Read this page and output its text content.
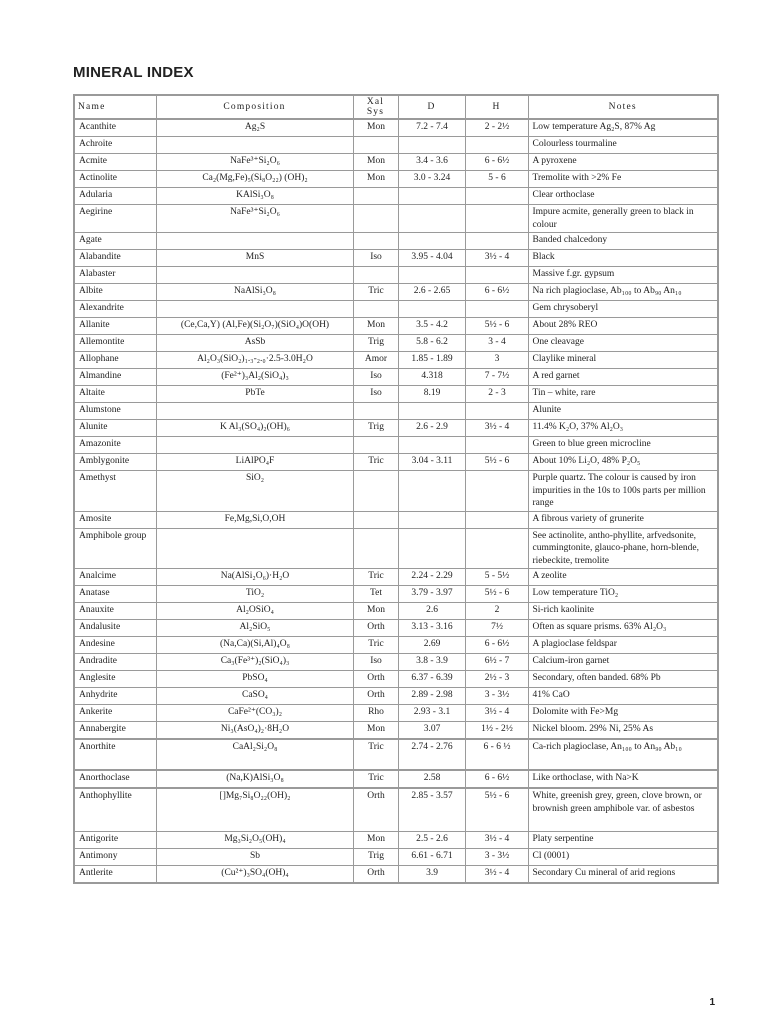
MINERAL INDEX
Name	Composition	Xal Sys	D	H	Notes
Acanthite	Ag₂S	Mon	7.2 - 7.4	2 - 2½	Low temperature Ag₂S, 87% Ag
Achroite					Colourless tourmaline
Acmite	NaFe³⁺Si₂O₆	Mon	3.4 - 3.6	6 - 6½	A pyroxene
Actinolite	Ca₂(Mg,Fe)₅(Si₈O₂₂) (OH)₂	Mon	3.0 - 3.24	5 - 6	Tremolite with >2% Fe
Adularia	KAlSi₃O₈				Clear orthoclase
Aegirine	NaFe³⁺Si₂O₆				Impure acmite, generally green to black in colour
Agate					Banded chalcedony
Alabandite	MnS	Iso	3.95 - 4.04	3½ - 4	Black
Alabaster					Massive f.gr. gypsum
Albite	NaAlSi₃O₈	Tric	2.6 - 2.65	6 - 6½	Na rich plagioclase, Ab₁₀₀ to Ab₉₀ An₁₀
Alexandrite					Gem chrysoberyl
Allanite	(Ce,Ca,Y) (Al,Fe)(Si₂O₇)(SiO₄)O(OH)	Mon	3.5 - 4.2	5½ - 6	About 28% REO
Allemontite	AsSb	Trig	5.8 - 6.2	3 - 4	One cleavage
Allophane	Al₂O₃(SiO₂)₁.₃-₂.₀·2.5-3.0H₂O	Amor	1.85 - 1.89	3	Claylike mineral
Almandine	(Fe²⁺)₃Al₂(SiO₄)₃	Iso	4.318	7 - 7½	A red garnet
Altaite	PbTe	Iso	8.19	2 - 3	Tin – white, rare
Alumstone					Alunite
Alunite	K Al₃(SO₄)₂(OH)₆	Trig	2.6 - 2.9	3½ - 4	11.4% K₂O, 37% Al₂O₃
Amazonite					Green to blue green microcline
Amblygonite	LiAlPO₄F	Tric	3.04 - 3.11	5½ - 6	About 10% Li₂O, 48% P₂O₅
Amethyst	SiO₂				Purple quartz. The colour is caused by iron impurities in the 10s to 100s parts per million range
Amosite	Fe,Mg,Si,O,OH				A fibrous variety of grunerite
Amphibole group					See actinolite, antho-phyllite, arfvedsonite, cummingtonite, glauco-phane, horn-blende, riebeckite, tremolite
Analcime	Na(AlSi₂O₆)·H₂O	Tric	2.24 - 2.29	5 - 5½	A zeolite
Anatase	TiO₂	Tet	3.79 - 3.97	5½ - 6	Low temperature TiO₂
Anauxite	Al₂OSiO₄	Mon	2.6	2	Si-rich kaolinite
Andalusite	Al₂SiO₅	Orth	3.13 - 3.16	7½	Often as square prisms. 63% Al₂O₃
Andesine	(Na,Ca)(Si,Al)₄O₈	Tric	2.69	6 - 6½	A plagioclase feldspar
Andradite	Ca₃(Fe³⁺)₂(SiO₄)₃	Iso	3.8 - 3.9	6½ - 7	Calcium-iron garnet
Anglesite	PbSO₄	Orth	6.37 - 6.39	2½ - 3	Secondary, often banded. 68% Pb
Anhydrite	CaSO₄	Orth	2.89 - 2.98	3 - 3½	41% CaO
Ankerite	CaFe²⁺(CO₃)₂	Rho	2.93 - 3.1	3½ - 4	Dolomite with Fe>Mg
Annabergite	Ni₃(AsO₄)₂·8H₂O	Mon	3.07	1½ - 2½	Nickel bloom. 29% Ni, 25% As
Anorthite	CaAl₂Si₂O₈	Tric	2.74 - 2.76	6 - 6 ½	Ca-rich plagioclase, An₁₀₀ to An₉₀ Ab₁₀
Anorthoclase	(Na,K)AlSi₃O₈	Tric	2.58	6 - 6½	Like orthoclase, with Na>K
Anthophyllite	[]Mg₇Si₈O₂₂(OH)₂	Orth	2.85 - 3.57	5½ - 6	White, greenish grey, green, clove brown, or brownish green amphibole var. of asbestos
Antigorite	Mg₃Si₂O₅(OH)₄	Mon	2.5 - 2.6	3½ - 4	Platy serpentine
Antimony	Sb	Trig	6.61 - 6.71	3 - 3½	Cl (0001)
Antlerite	(Cu²⁺)₃SO₄(OH)₄	Orth	3.9	3½ - 4	Secondary Cu mineral of arid regions
1
